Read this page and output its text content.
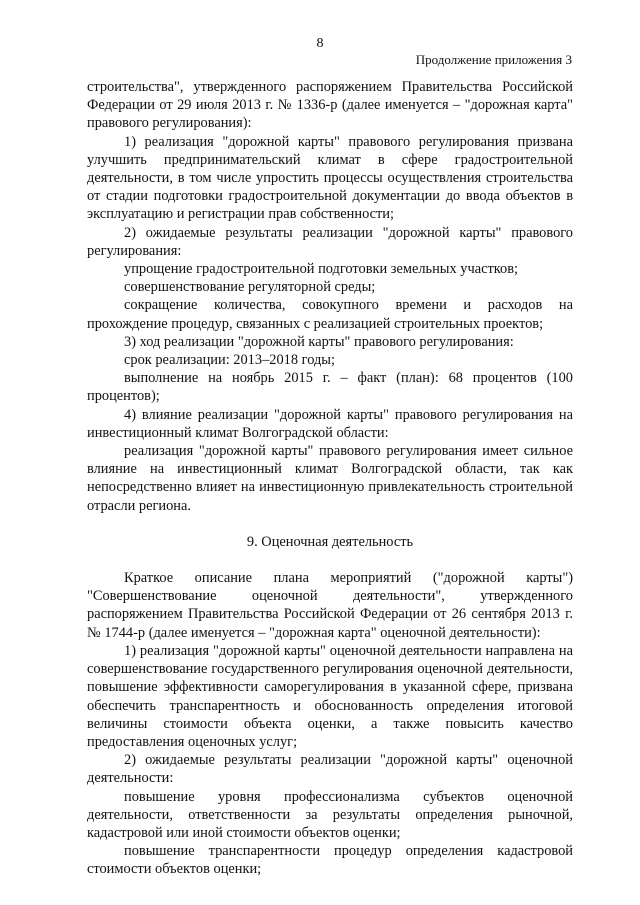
8
Продолжение приложения 3

строительства", утвержденного распоряжением Правительства Российской Федерации от 29 июля 2013 г. № 1336-р (далее именуется – "дорожная карта" правового регулирования):

1) реализация "дорожной карты" правового регулирования призвана улучшить предпринимательский климат в сфере градостроительной деятельности, в том числе упростить процессы осуществления строительства от стадии подготовки градостроительной документации до ввода объектов в эксплуатацию и регистрации прав собственности;

2) ожидаемые результаты реализации "дорожной карты" правового регулирования:

упрощение градостроительной подготовки земельных участков;

совершенствование регуляторной среды;

сокращение количества, совокупного времени и расходов на прохождение процедур, связанных с реализацией строительных проектов;

3) ход реализации "дорожной карты" правового регулирования:

срок реализации: 2013–2018 годы;

выполнение на ноябрь 2015 г. – факт (план): 68 процентов (100 процентов);

4) влияние реализации "дорожной карты" правового регулирования на инвестиционный климат Волгоградской области:

реализация "дорожной карты" правового регулирования имеет сильное влияние на инвестиционный климат Волгоградской области, так как непосредственно влияет на инвестиционную привлекательность строительной отрасли региона.

9. Оценочная деятельность

Краткое описание плана мероприятий ("дорожной карты") "Совершенствование оценочной деятельности", утвержденного распоряжением Правительства Российской Федерации от 26 сентября 2013 г. № 1744-р (далее именуется – "дорожная карта" оценочной деятельности):

1) реализация "дорожной карты" оценочной деятельности направлена на совершенствование государственного регулирования оценочной деятельности, повышение эффективности саморегулирования в указанной сфере, призвана обеспечить транспарентность и обоснованность определения итоговой величины стоимости объекта оценки, а также повысить качество предоставления оценочных услуг;

2) ожидаемые результаты реализации "дорожной карты" оценочной деятельности:

повышение уровня профессионализма субъектов оценочной деятельности, ответственности за результаты определения рыночной, кадастровой или иной стоимости объектов оценки;

повышение транспарентности процедур определения кадастровой стоимости объектов оценки;
